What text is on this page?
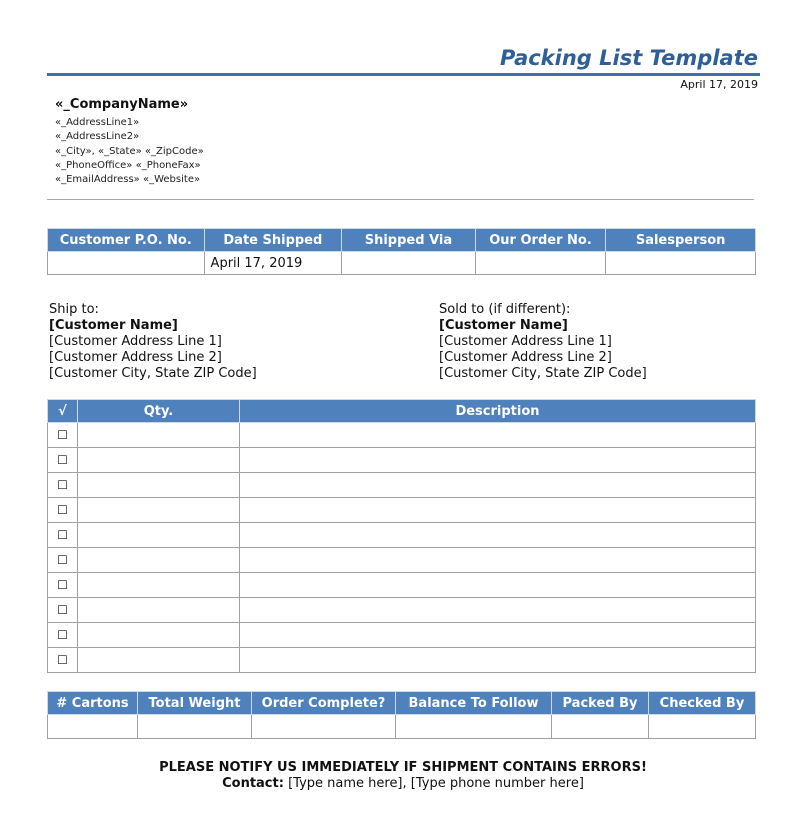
Packing List Template
April 17, 2019
«_CompanyName»
«_AddressLine1»
«_AddressLine2»
«_City», «_State» «_ZipCode»
«_PhoneOffice» «_PhoneFax»
«_EmailAddress» «_Website»
Customer P.O. No.	Date Shipped	Shipped Via	Our Order No.	Salesperson
	April 17, 2019			
Ship to:
[Customer Name]
[Customer Address Line 1]
[Customer Address Line 2]
[Customer City, State ZIP Code]
Sold to (if different):
[Customer Name]
[Customer Address Line 1]
[Customer Address Line 2]
[Customer City, State ZIP Code]
√	Qty.	Description
☐		
☐		
☐		
☐		
☐		
☐		
☐		
☐		
☐		
☐		
# Cartons	Total Weight	Order Complete?	Balance To Follow	Packed By	Checked By

PLEASE NOTIFY US IMMEDIATELY IF SHIPMENT CONTAINS ERRORS!
Contact: [Type name here], [Type phone number here]
